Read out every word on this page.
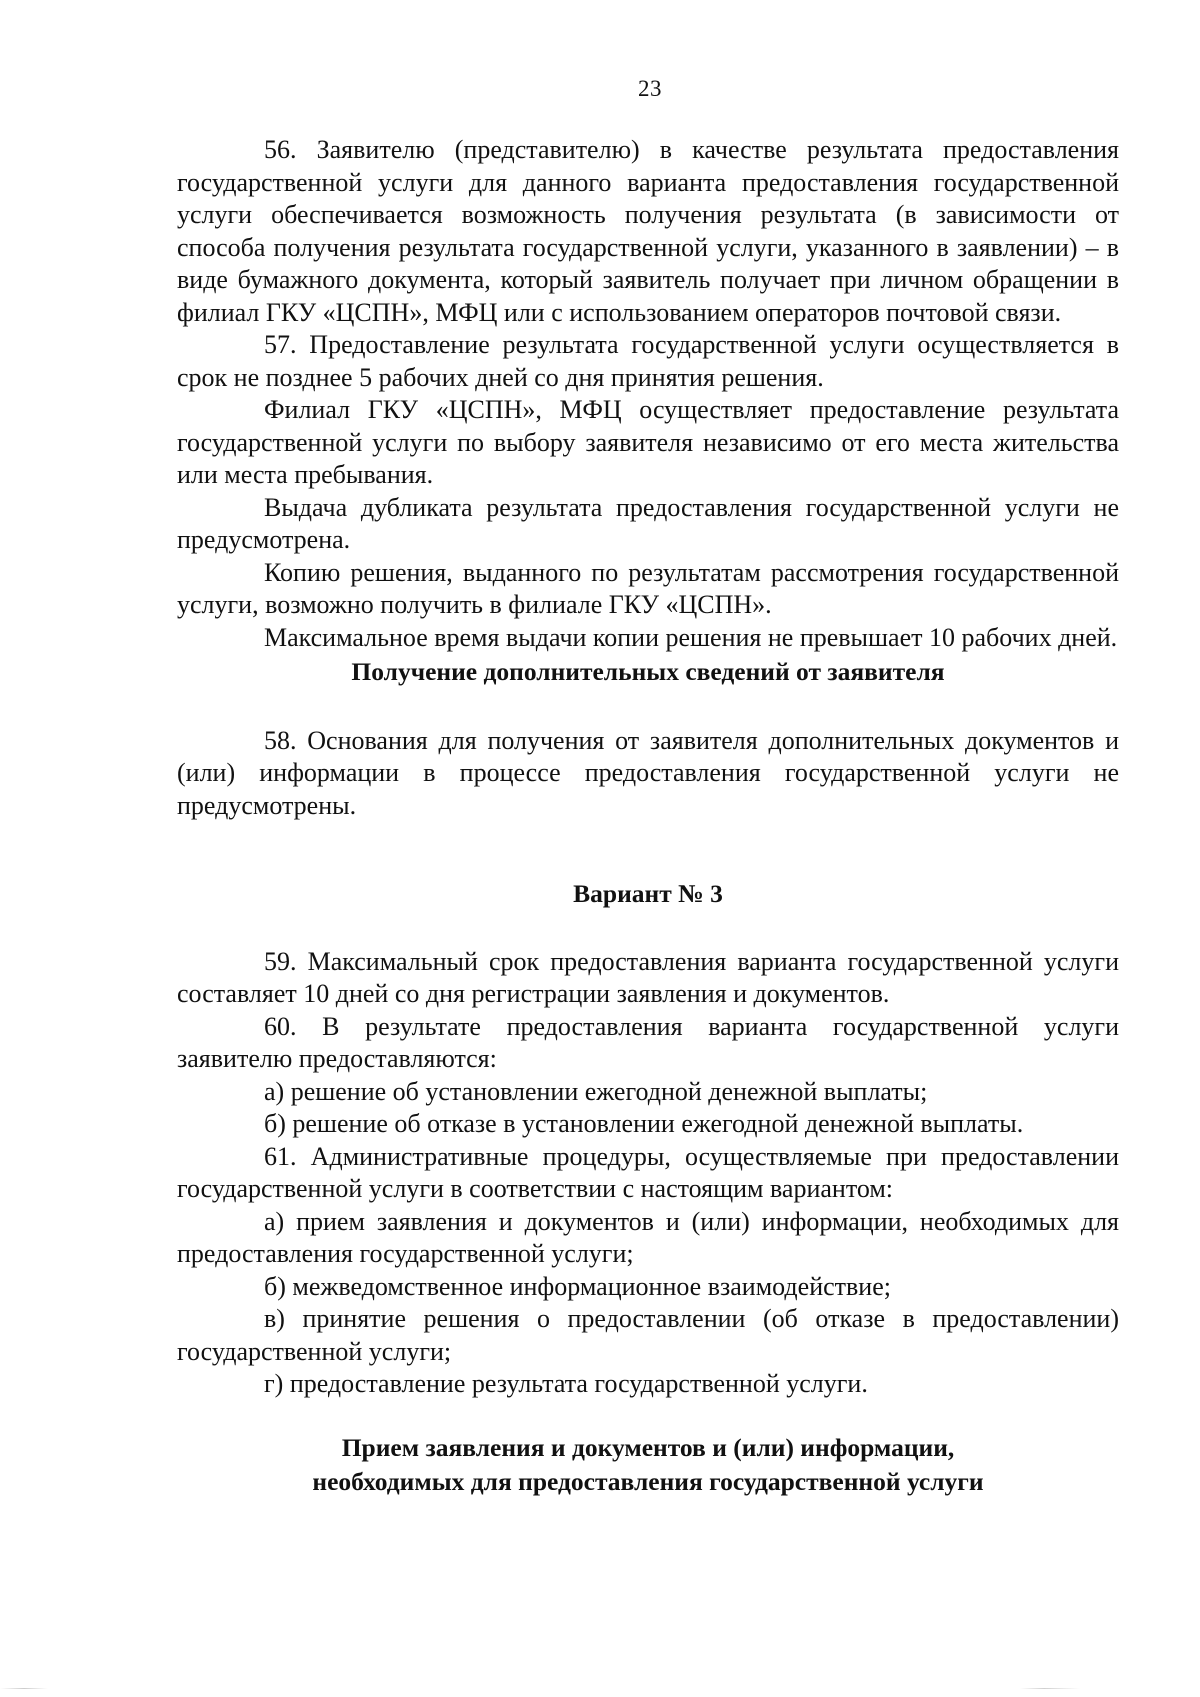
23

56. Заявителю (представителю) в качестве результата предоставления государственной услуги для данного варианта предоставления государственной услуги обеспечивается возможность получения результата (в зависимости от способа получения результата государственной услуги, указанного в заявлении) – в виде бумажного документа, который заявитель получает при личном обращении в филиал ГКУ «ЦСПН», МФЦ или с использованием операторов почтовой связи.

57. Предоставление результата государственной услуги осуществляется в срок не позднее 5 рабочих дней со дня принятия решения.

Филиал ГКУ «ЦСПН», МФЦ осуществляет предоставление результата государственной услуги по выбору заявителя независимо от его места жительства или места пребывания.

Выдача дубликата результата предоставления государственной услуги не предусмотрена.

Копию решения, выданного по результатам рассмотрения государственной услуги, возможно получить в филиале ГКУ «ЦСПН».

Максимальное время выдачи копии решения не превышает 10 рабочих дней.

Получение дополнительных сведений от заявителя

58. Основания для получения от заявителя дополнительных документов и (или) информации в процессе предоставления государственной услуги не предусмотрены.

Вариант № 3

59. Максимальный срок предоставления варианта государственной услуги составляет 10 дней со дня регистрации заявления и документов.

60. В результате предоставления варианта государственной услуги заявителю предоставляются:

а) решение об установлении ежегодной денежной выплаты;

б) решение об отказе в установлении ежегодной денежной выплаты.

61. Административные процедуры, осуществляемые при предоставлении государственной услуги в соответствии с настоящим вариантом:

а) прием заявления и документов и (или) информации, необходимых для предоставления государственной услуги;

б) межведомственное информационное взаимодействие;

в) принятие решения о предоставлении (об отказе в предоставлении) государственной услуги;

г) предоставление результата государственной услуги.

Прием заявления и документов и (или) информации,
необходимых для предоставления государственной услуги
